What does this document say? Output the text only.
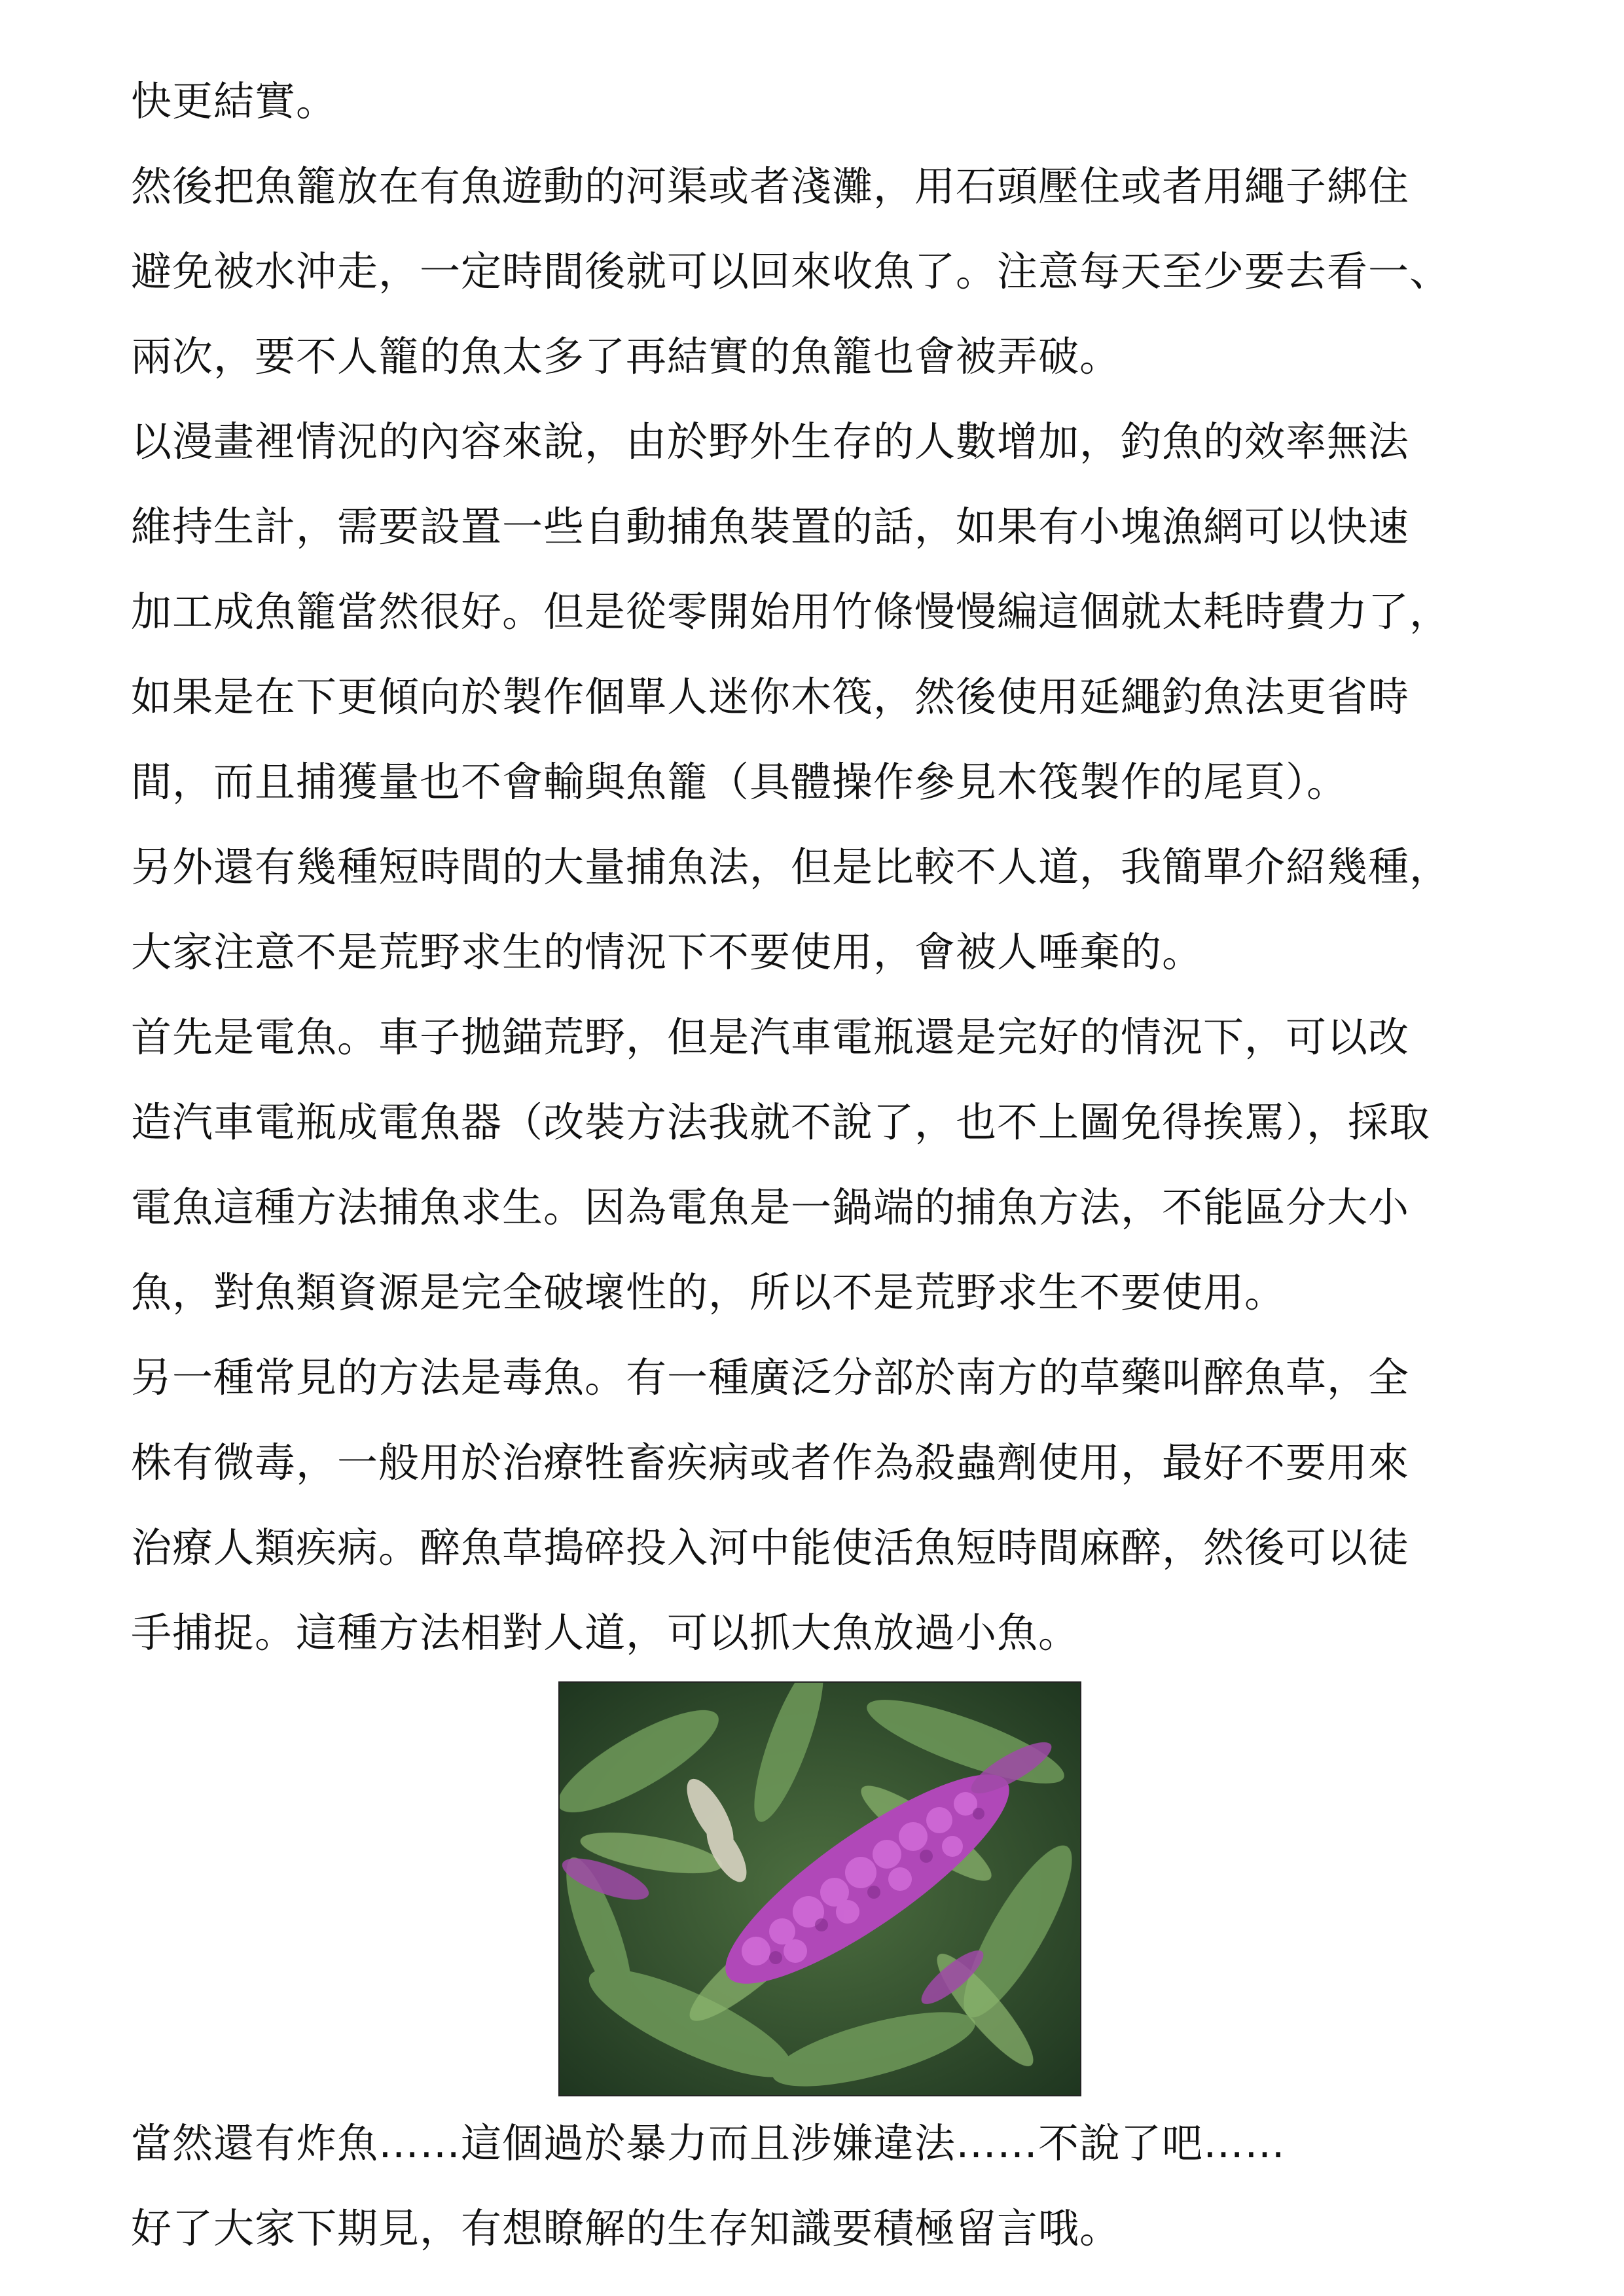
快更結實。
然後把魚籠放在有魚遊動的河渠或者淺灘，用石頭壓住或者用繩子綁住
避免被水沖走，一定時間後就可以回來收魚了。注意每天至少要去看一、
兩次，要不人籠的魚太多了再結實的魚籠也會被弄破。
以漫畫裡情況的內容來說，由於野外生存的人數增加，釣魚的效率無法
維持生計，需要設置一些自動捕魚裝置的話，如果有小塊漁網可以快速
加工成魚籠當然很好。但是從零開始用竹條慢慢編這個就太耗時費力了，
如果是在下更傾向於製作個單人迷你木筏，然後使用延繩釣魚法更省時
間，而且捕獲量也不會輸與魚籠（具體操作參見木筏製作的尾頁）。
另外還有幾種短時間的大量捕魚法，但是比較不人道，我簡單介紹幾種，
大家注意不是荒野求生的情況下不要使用，會被人唾棄的。
首先是電魚。車子拋錨荒野，但是汽車電瓶還是完好的情況下，可以改
造汽車電瓶成電魚器（改裝方法我就不說了，也不上圖免得挨罵），採取
電魚這種方法捕魚求生。因為電魚是一鍋端的捕魚方法，不能區分大小
魚，對魚類資源是完全破壞性的，所以不是荒野求生不要使用。
另一種常見的方法是毒魚。有一種廣泛分部於南方的草藥叫醉魚草，全
株有微毒，一般用於治療牲畜疾病或者作為殺蟲劑使用，最好不要用來
治療人類疾病。醉魚草搗碎投入河中能使活魚短時間麻醉，然後可以徒
手捕捉。這種方法相對人道，可以抓大魚放過小魚。
當然還有炸魚……這個過於暴力而且涉嫌違法……不說了吧……
好了大家下期見，有想瞭解的生存知識要積極留言哦。
